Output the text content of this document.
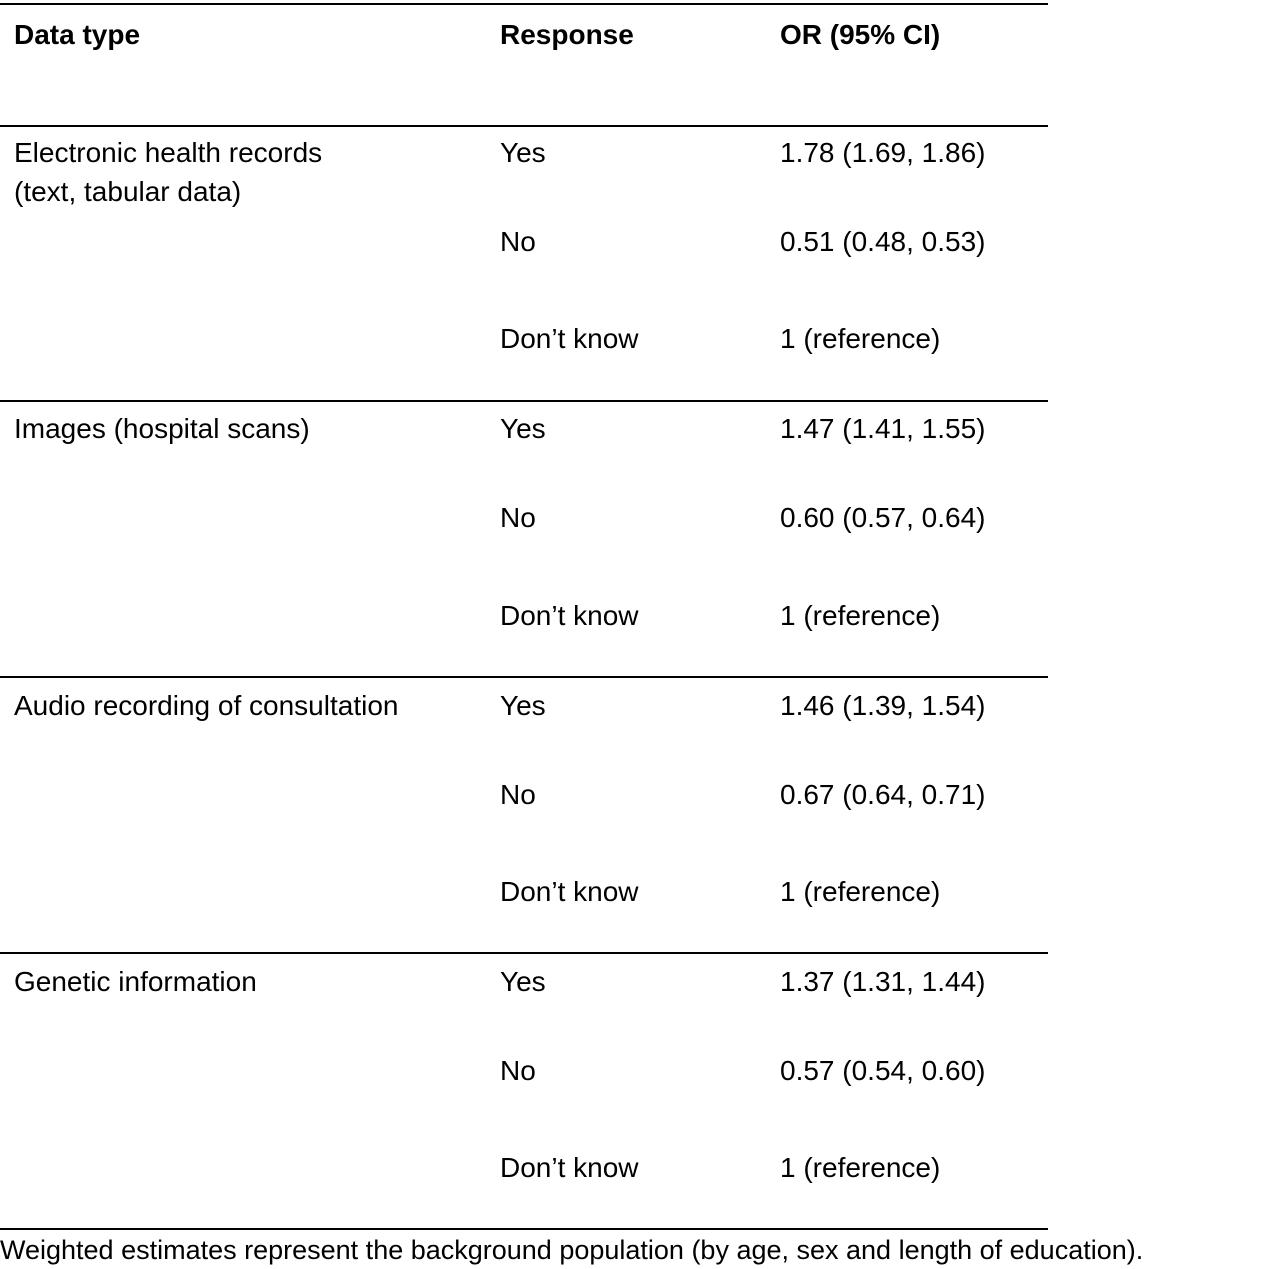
Data type	Response	OR (95% CI)
Electronic health records
(text, tabular data)
Yes	1.78 (1.69, 1.86)
No	0.51 (0.48, 0.53)
Don’t know	1 (reference)
Images (hospital scans)	Yes	1.47 (1.41, 1.55)
No	0.60 (0.57, 0.64)
Don’t know	1 (reference)
Audio recording of consultation	Yes	1.46 (1.39, 1.54)
No	0.67 (0.64, 0.71)
Don’t know	1 (reference)
Genetic information	Yes	1.37 (1.31, 1.44)
No	0.57 (0.54, 0.60)
Don’t know	1 (reference)
Weighted estimates represent the background population (by age, sex and length of education).
